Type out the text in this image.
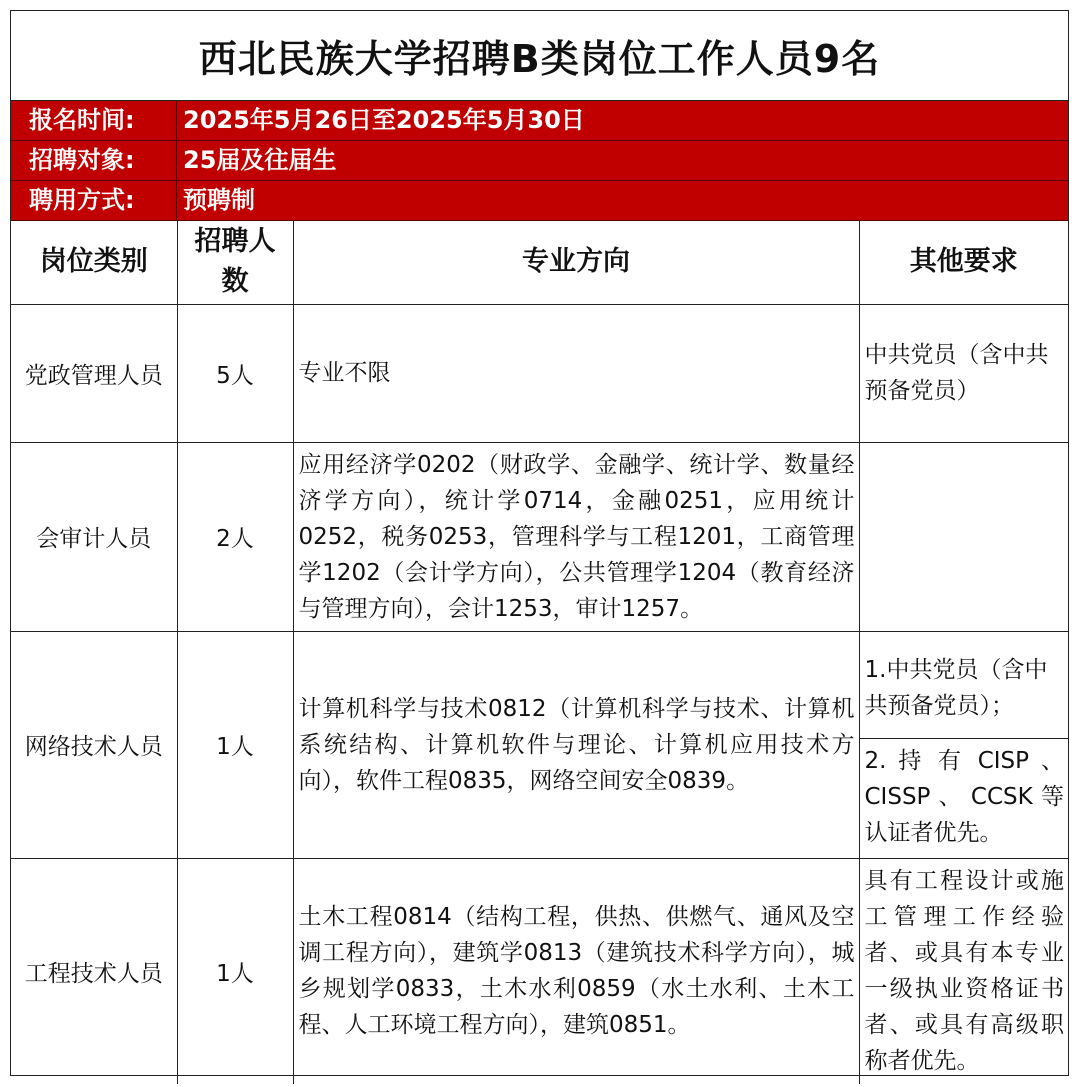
西北民族大学招聘B类岗位工作人员9名
报名时间:	2025年5月26日至2025年5月30日
招聘对象:	25届及往届生
聘用方式:	预聘制
岗位类别	招聘人数	专业方向	其他要求
党政管理人员	5人	专业不限	中共党员（含中共预备党员）
会审计人员	2人	应用经济学0202（财政学、金融学、统计学、数量经济学方向），统计学0714，金融0251，应用统计0252，税务0253，管理科学与工程1201，工商管理学1202（会计学方向），公共管理学1204（教育经济与管理方向），会计1253，审计1257。	
网络技术人员	1人	计算机科学与技术0812（计算机科学与技术、计算机系统结构、计算机软件与理论、计算机应用技术方向），软件工程0835，网络空间安全0839。	1.中共党员（含中共预备党员）；
2. 持 有 CISP 、 CISSP 、 CCSK 等认证者优先。

工程技术人员	1人	土木工程0814（结构工程，供热、供燃气、通风及空调工程方向），建筑学0813（建筑技术科学方向），城乡规划学0833，土木水利0859（水土水利、土木工程、人工环境工程方向），建筑0851。	具有工程设计或施工管理工作经验者、或具有本专业一级执业资格证书者、或具有高级职称者优先。
